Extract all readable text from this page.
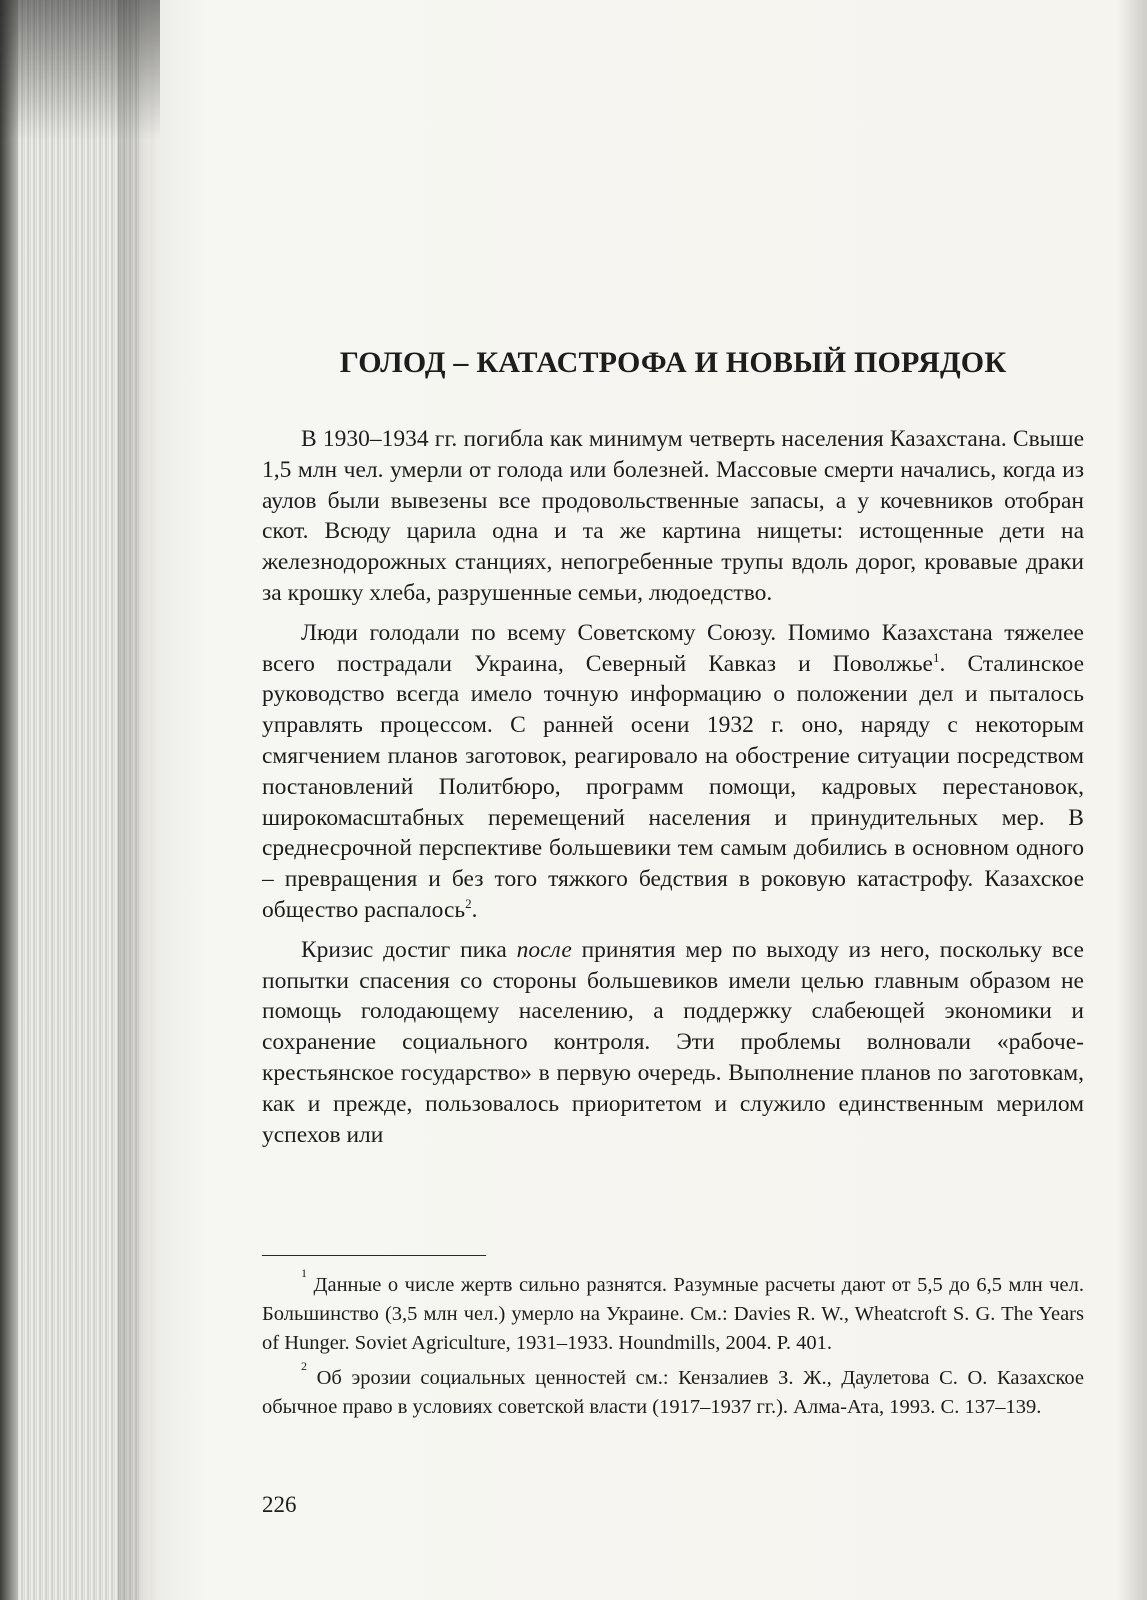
ГОЛОД – КАТАСТРОФА И НОВЫЙ ПОРЯДОК

В 1930–1934 гг. погибла как минимум четверть населения Казахстана. Свыше 1,5 млн чел. умерли от голода или болезней. Массовые смерти начались, когда из аулов были вывезены все продовольственные запасы, а у кочевников отобран скот. Всюду царила одна и та же картина нищеты: истощенные дети на железнодорожных станциях, непогребенные трупы вдоль дорог, кровавые драки за крошку хлеба, разрушенные семьи, людоедство.

Люди голодали по всему Советскому Союзу. Помимо Казахстана тяжелее всего пострадали Украина, Северный Кавказ и Поволжье$^1$. Сталинское руководство всегда имело точную информацию о положении дел и пыталось управлять процессом. С ранней осени 1932 г. оно, наряду с некоторым смягчением планов заготовок, реагировало на обострение ситуации посредством постановлений Политбюро, программ помощи, кадровых перестановок, широкомасштабных перемещений населения и принудительных мер. В среднесрочной перспективе большевики тем самым добились в основном одного – превращения и без того тяжкого бедствия в роковую катастрофу. Казахское общество распалось$^2$.

Кризис достиг пика после принятия мер по выходу из него, поскольку все попытки спасения со стороны большевиков имели целью главным образом не помощь голодающему населению, а поддержку слабеющей экономики и сохранение социального контроля. Эти проблемы волновали «рабоче-крестьянское государство» в первую очередь. Выполнение планов по заготовкам, как и прежде, пользовалось приоритетом и служило единственным мерилом успехов или

$^1$ Данные о числе жертв сильно разнятся. Разумные расчеты дают от 5,5 до 6,5 млн чел. Большинство (3,5 млн чел.) умерло на Украине. См.: Davies R. W., Wheatcroft S. G. The Years of Hunger. Soviet Agriculture, 1931–1933. Houndmills, 2004. P. 401.

$^2$ Об эрозии социальных ценностей см.: Кензалиев З. Ж., Даулетова С. О. Казахское обычное право в условиях советской власти (1917–1937 гг.). Алма-Ата, 1993. С. 137–139.

226
